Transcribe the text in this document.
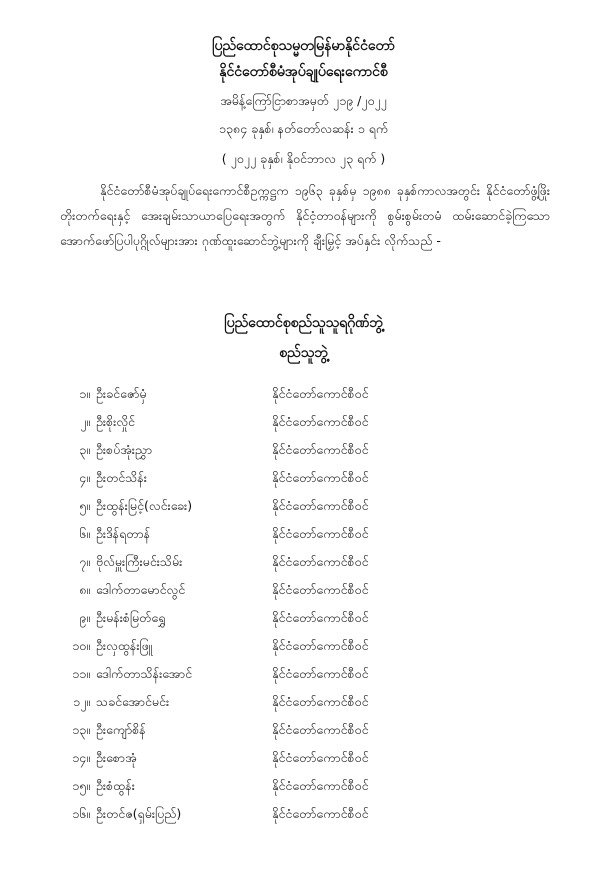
ပြည်ထောင်စုသမ္မတမြန်မာနိုင်ငံတော်
နိုင်ငံတော်စီမံအုပ်ချုပ်ရေးကောင်စီ
အမိန့်ကြော်ငြာစာအမှတ် ၂၁၉ /၂၀၂၂
၁၃၈၄ ခုနှစ်၊ နတ်တော်လဆန်း ၁ ရက်
( ၂၀၂၂ ခုနှစ်၊ နိုဝင်ဘာလ ၂၃ ရက် )
နိုင်ငံတော်စီမံအုပ်ချုပ်ရေးကောင်စီဥက္ကဋ္ဌက ၁၉၆၃ ခုနှစ်မှ ၁၉၈၈ ခုနှစ်ကာလအတွင်း နိုင်ငံတော်ဖွံ့ဖြိုးတိုးတက်ရေးနှင့် အေးချမ်းသာယာပြေရေးအတွက် နိုင်ငံ့တာဝန်များကို စွမ်းစွမ်းတမံ ထမ်းဆောင်ခဲ့ကြသော အောက်ဖော်ပြပါပုဂ္ဂိုလ်များအား ဂုဏ်ထူးဆောင်ဘွဲ့များကို ချီးမြှင့် အပ်နှင်း လိုက်သည် -
ပြည်ထောင်စုစည်သူသူရဂိုဏ်ဘွဲ့
စည်သူဘွဲ့
၁။ ဦးခင်ဇော်မှံ	နိုင်ငံတော်ကောင်စီဝင်
၂။ ဦးစိုးလှိုင်	နိုင်ငံတော်ကောင်စီဝင်
၃။ ဦးစပ်အုံးညွှာ	နိုင်ငံတော်ကောင်စီဝင်
၄။ ဦးတင်သိန်း	နိုင်ငံတော်ကောင်စီဝင်
၅။ ဦးထွန်းမြင့်(လင်းခေး)	နိုင်ငံတော်ကောင်စီဝင်
၆။ ဦးဒိန်ရတာန်	နိုင်ငံတော်ကောင်စီဝင်
၇။ ဗိုလ်မှူးကြီးမင်းသိမ်း	နိုင်ငံတော်ကောင်စီဝင်
၈။ ဒေါက်တာမောင်လွင်	နိုင်ငံတော်ကောင်စီဝင်
၉။ ဦးမန်းစံမြတ်ရွှေ	နိုင်ငံတော်ကောင်စီဝင်
၁၀။ ဦးလှထွန်းဖြူ	နိုင်ငံတော်ကောင်စီဝင်
၁၁။ ဒေါက်တာသိန်းအောင်	နိုင်ငံတော်ကောင်စီဝင်
၁၂။ သခင်အောင်မင်း	နိုင်ငံတော်ကောင်စီဝင်
၁၃။ ဦးကျော်စိန်	နိုင်ငံတော်ကောင်စီဝင်
၁၄။ ဦးစောအုံ	နိုင်ငံတော်ကောင်စီဝင်
၁၅။ ဦးစံထွန်း	နိုင်ငံတော်ကောင်စီဝင်
၁၆။ ဦးတင်ဇ(ရှမ်းပြည်)	နိုင်ငံတော်ကောင်စီဝင်
